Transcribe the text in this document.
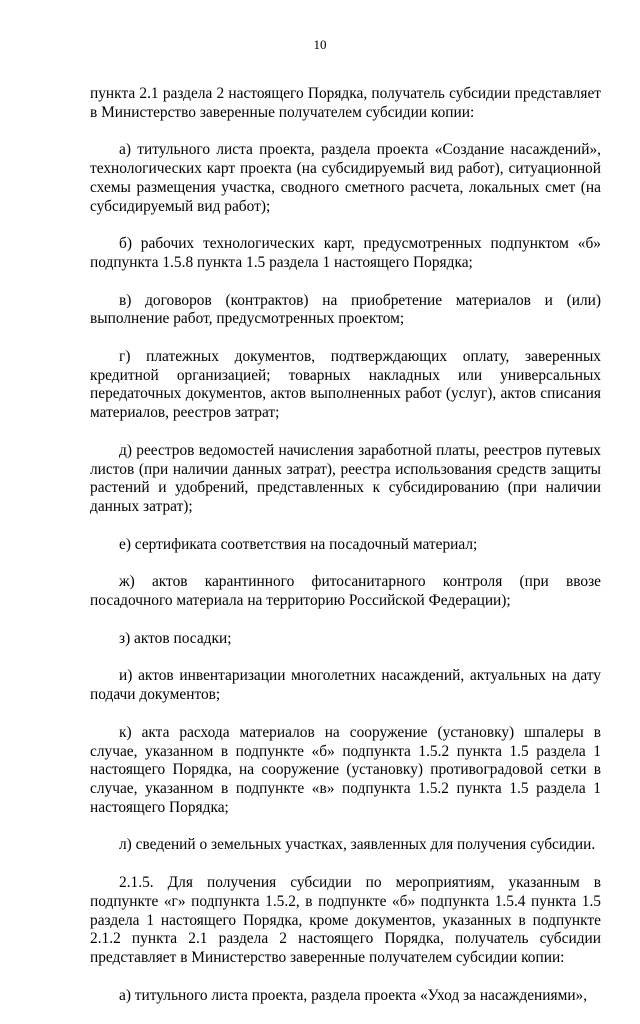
10

пункта 2.1 раздела 2 настоящего Порядка, получатель субсидии представляет в Министерство заверенные получателем субсидии копии:

а) титульного листа проекта, раздела проекта «Создание насаждений», технологических карт проекта (на субсидируемый вид работ), ситуационной схемы размещения участка, сводного сметного расчета, локальных смет (на субсидируемый вид работ);

б) рабочих технологических карт, предусмотренных подпунктом «б» подпункта 1.5.8 пункта 1.5 раздела 1 настоящего Порядка;

в) договоров (контрактов) на приобретение материалов и (или) выполнение работ, предусмотренных проектом;

г) платежных документов, подтверждающих оплату, заверенных кредитной организацией; товарных накладных или универсальных передаточных документов, актов выполненных работ (услуг), актов списания материалов, реестров затрат;

д) реестров ведомостей начисления заработной платы, реестров путевых листов (при наличии данных затрат), реестра использования средств защиты растений и удобрений, представленных к субсидированию (при наличии данных затрат);

е) сертификата соответствия на посадочный материал;

ж) актов карантинного фитосанитарного контроля (при ввозе посадочного материала на территорию Российской Федерации);

з) актов посадки;

и) актов инвентаризации многолетних насаждений, актуальных на дату подачи документов;

к) акта расхода материалов на сооружение (установку) шпалеры в случае, указанном в подпункте «б» подпункта 1.5.2 пункта 1.5 раздела 1 настоящего Порядка, на сооружение (установку) противоградовой сетки в случае, указанном в подпункте «в» подпункта 1.5.2 пункта 1.5 раздела 1 настоящего Порядка;

л) сведений о земельных участках, заявленных для получения субсидии.

2.1.5. Для получения субсидии по мероприятиям, указанным в подпункте «г» подпункта 1.5.2, в подпункте «б» подпункта 1.5.4 пункта 1.5 раздела 1 настоящего Порядка, кроме документов, указанных в подпункте 2.1.2 пункта 2.1 раздела 2 настоящего Порядка, получатель субсидии представляет в Министерство заверенные получателем субсидии копии:

а) титульного листа проекта, раздела проекта «Уход за насаждениями»,
